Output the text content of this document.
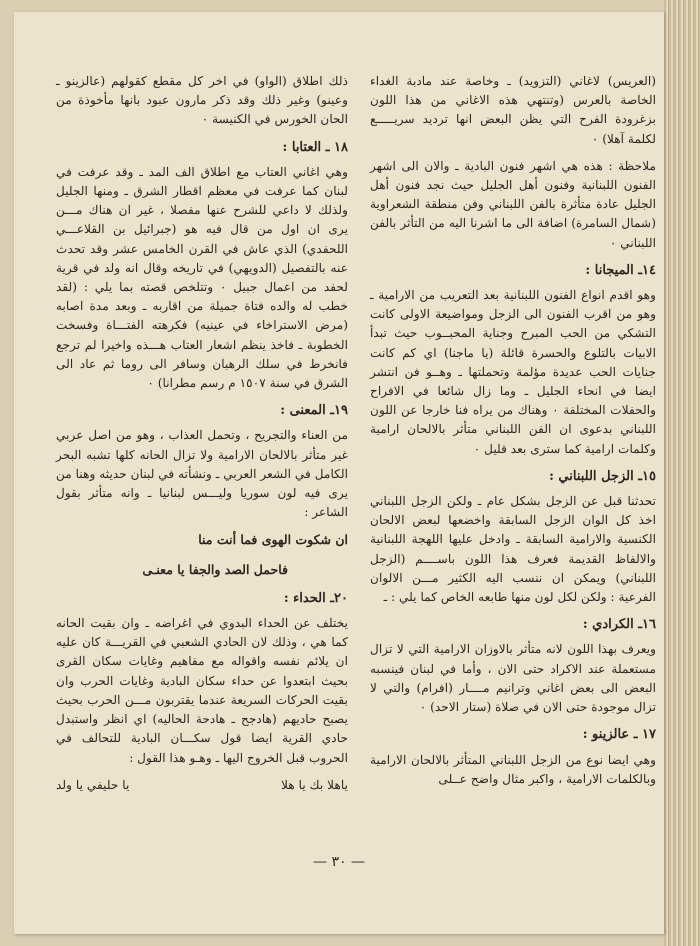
(العريس) لاغاني (التزويد) ـ وخاصة عند مادبة الغداء الخاصة بالعرس (وتنتهي هذه الاغاني من هذا اللون بزغرودة الفرح التي يظن البعض انها ترديد سريـــــع لكلمة آهلا) ٠

ملاحظة : هذه هي اشهر فنون البادية ـ والان الى اشهر الفنون اللبنانية وفنون أهل الجليل حيث نجد فنون أهل الجليل عادة متأثرة بالفن اللبناني وفن منطقة الشعراوية (شمال السامرة) اضافة الى ما اشرنا اليه من التأثر بالفن اللبناني ٠

١٤ـ الميجانا :

وهو اقدم انواع الفنون اللبنانية بعد التعريب من الارامية ـ وهو من اقرب الفنون الى الزجل ومواضيعة الاولى كانت التشكي من الحب المبرح وجناية المحبــوب حيث تبدأ الابيات بالتلوع والحسرة قائلة (يا ماجنا) اي كم كانت جنايات الحب عديدة مؤلمة وتحملتها ـ وهــو فن انتشر ايضا في انحاء الجليل ـ وما زال شائعا في الافراح والحفلات المختلفة ٠ وهناك من يراه فنا خارجا عن اللون اللبناني بدعوى ان الفن اللبناني متأثر بالالحان ارامية وكلمات ارامية كما سترى بعد قليل ٠

١٥ـ الزجل اللبناني :

تحدثنا قبل عن الزجل بشكل عام ـ ولكن الزجل اللبناني اخذ كل الوان الزجل السابقة واخضعها لبعض الالحان الكنسية والارامية السابقة ـ وادخل عليها اللهجة اللبنانية والالفاظ القديمة فعرف هذا اللون باســــم (الزجل اللبناني) ويمكن ان ننسب اليه الكثير مـــن الالوان الفرعية : ولكن لكل لون منها طابعه الخاص كما يلي : ـ

١٦ـ الكرادي :

ويعرف بهذا اللون لانه متأثر بالاوزان الارامية التي لا تزال مستعملة عند الاكراد حتى الان ، وأما في لبنان فينسبه البعض الى بعض اغاني وترانيم مــــار (افرام) والتي لا تزال موجودة حتى الان في صلاة (ستار الاحد) ٠

١٧ ـ عالزينو :

وهي ايضا نوع من الزجل اللبناني المتأثر بالالحان الارامية وبالكلمات الارامية ، واكبر مثال واضح عــلى

ذلك اطلاق (الواو) في اخر كل مقطع كقولهم (عالزينو ـ وعينو) وغير ذلك وقد ذكر مارون عبود بانها مأخوذة من الحان الخورس في الكنيسة ٠

١٨ ـ العتابا :

وهي اغاني العتاب مع اطلاق الف المد ـ وقد عرفت في لبنان كما عرفت في معظم اقطار الشرق ـ ومنها الجليل ولذلك لا داعي للشرح عنها مفصلا ، غير ان هناك مـــن يرى ان اول من قال فيه هو (جبرائيل بن القلاعـــي اللحفدي) الذي عاش في القرن الخامس عشر وقد تحدث عنه بالتفصيل (الدويهي) في تاريخه وقال انه ولد في قرية لحفد من اعمال جبيل ٠ وتتلخص قصته بما يلي : (لقد خطب له والده فتاة جميلة من اقاربه ـ وبعد مدة اصابه (مرض الاستراخاء في عينيه) فكرهته الفتـــاة وفسخت الخطوبة ـ فاخذ ينظم اشعار العتاب هـــذه واخيرا لم ترجع فانخرط في سلك الرهبان وسافر الى روما ثم عاد الى الشرق في سنة ١٥٠٧ م رسم مطرانا) ٠

١٩ـ المعنى :

من العناء والتجريح ، وتحمل العذاب ، وهو من اصل عربي غير متأثر بالالحان الارامية ولا تزال الحانه كلها تشبه البحر الكامل في الشعر العربي ـ ونشأته في لبنان حديثه وهنا من يرى فيه لون سوريا وليـــس لبنانيا ـ وانه متأثر بقول الشاعر :

ان شكوت الهوى فما أنت منا
فاحمل الصد والجفا يا معنـى
٢٠ـ الحداء :

يختلف عن الحداء البدوي في اغراضه ـ وان بقيت الحانه كما هي ، وذلك لان الحادي الشعبي في القريـــة كان عليه ان يلائم نفسه واقواله مع مفاهيم وغايات سكان القرى بحيث ابتعدوا عن حداء سكان البادية وغايات الحرب وان بقيت الحركات السريعة عندما يقتربون مـــن الحرب بحيث يصبح حاديهم (هادجح ـ هادحة الحاليه) اي انظر واستبدل حادي القرية ايضا قول سكـــان البادية للتحالف في الحروب قبل الخروج اليها ـ وهـو هذا القول :

ياهلا بك يا هلا
يا حليفي يا ولد
— ٣٠ —
